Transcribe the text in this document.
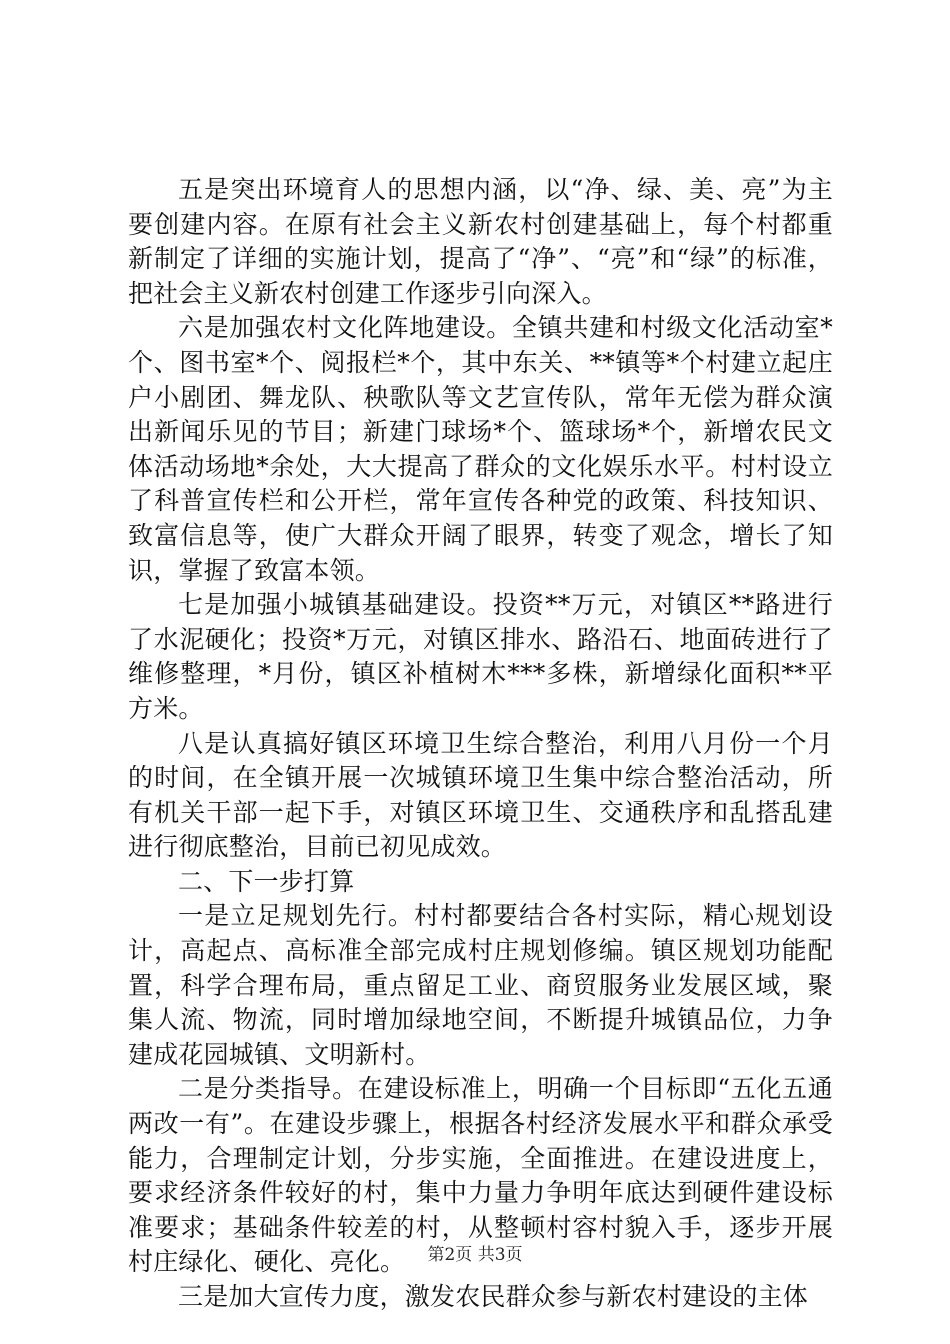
五是突出环境育人的思想内涵，以“净、绿、美、亮”为主要创建内容。在原有社会主义新农村创建基础上，每个村都重新制定了详细的实施计划，提高了“净”、“亮”和“绿”的标准，把社会主义新农村创建工作逐步引向深入。

六是加强农村文化阵地建设。全镇共建和村级文化活动室*个、图书室*个、阅报栏*个，其中东关、**镇等*个村建立起庄户小剧团、舞龙队、秧歌队等文艺宣传队，常年无偿为群众演出新闻乐见的节目；新建门球场*个、篮球场*个，新增农民文体活动场地*余处，大大提高了群众的文化娱乐水平。村村设立了科普宣传栏和公开栏，常年宣传各种党的政策、科技知识、致富信息等，使广大群众开阔了眼界，转变了观念，增长了知识，掌握了致富本领。

七是加强小城镇基础建设。投资**万元，对镇区**路进行了水泥硬化；投资*万元，对镇区排水、路沿石、地面砖进行了维修整理，*月份，镇区补植树木***多株，新增绿化面积**平方米。

八是认真搞好镇区环境卫生综合整治，利用八月份一个月的时间，在全镇开展一次城镇环境卫生集中综合整治活动，所有机关干部一起下手，对镇区环境卫生、交通秩序和乱搭乱建进行彻底整治，目前已初见成效。

二、下一步打算

一是立足规划先行。村村都要结合各村实际，精心规划设计，高起点、高标准全部完成村庄规划修编。镇区规划功能配置，科学合理布局，重点留足工业、商贸服务业发展区域，聚集人流、物流，同时增加绿地空间，不断提升城镇品位，力争建成花园城镇、文明新村。

二是分类指导。在建设标准上，明确一个目标即“五化五通两改一有”。在建设步骤上，根据各村经济发展水平和群众承受能力，合理制定计划，分步实施，全面推进。在建设进度上，要求经济条件较好的村，集中力量力争明年底达到硬件建设标准要求；基础条件较差的村，从整顿村容村貌入手，逐步开展村庄绿化、硬化、亮化。

三是加大宣传力度，激发农民群众参与新农村建设的主体

第2页 共3页
